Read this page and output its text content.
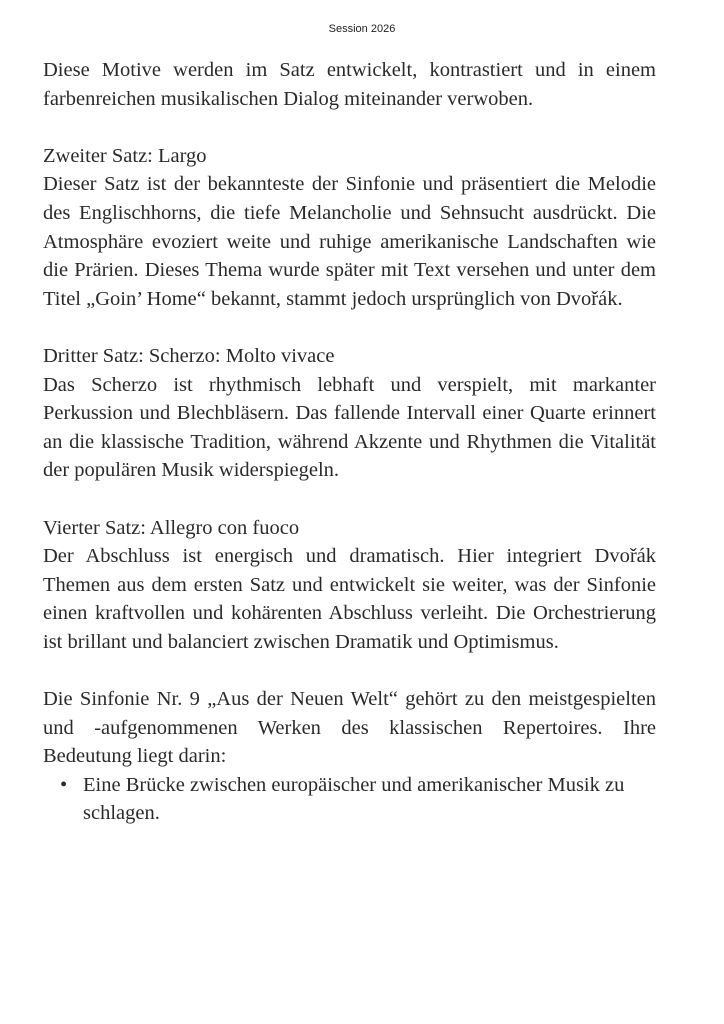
Session 2026

Diese Motive werden im Satz entwickelt, kontrastiert und in einem farbenreichen musikalischen Dialog miteinander verwoben.

Zweiter Satz: Largo

Dieser Satz ist der bekannteste der Sinfonie und präsentiert die Melodie des Englischhorns, die tiefe Melancholie und Sehnsucht ausdrückt. Die Atmosphäre evoziert weite und ruhige amerikanische Landschaften wie die Prärien. Dieses Thema wurde später mit Text versehen und unter dem Titel „Goin’ Home“ bekannt, stammt jedoch ursprünglich von Dvořák.

Dritter Satz: Scherzo: Molto vivace

Das Scherzo ist rhythmisch lebhaft und verspielt, mit markanter Perkussion und Blechbläsern. Das fallende Intervall einer Quarte erinnert an die klassische Tradition, während Akzente und Rhythmen die Vitalität der populären Musik widerspiegeln.

Vierter Satz: Allegro con fuoco

Der Abschluss ist energisch und dramatisch. Hier integriert Dvořák Themen aus dem ersten Satz und entwickelt sie weiter, was der Sinfonie einen kraftvollen und kohärenten Abschluss verleiht. Die Orchestrierung ist brillant und balanciert zwischen Dramatik und Optimismus.

Die Sinfonie Nr. 9 „Aus der Neuen Welt“ gehört zu den meistgespielten und -aufgenommenen Werken des klassischen Repertoires. Ihre Bedeutung liegt darin:

• Eine Brücke zwischen europäischer und amerikanischer Musik zu schlagen.
